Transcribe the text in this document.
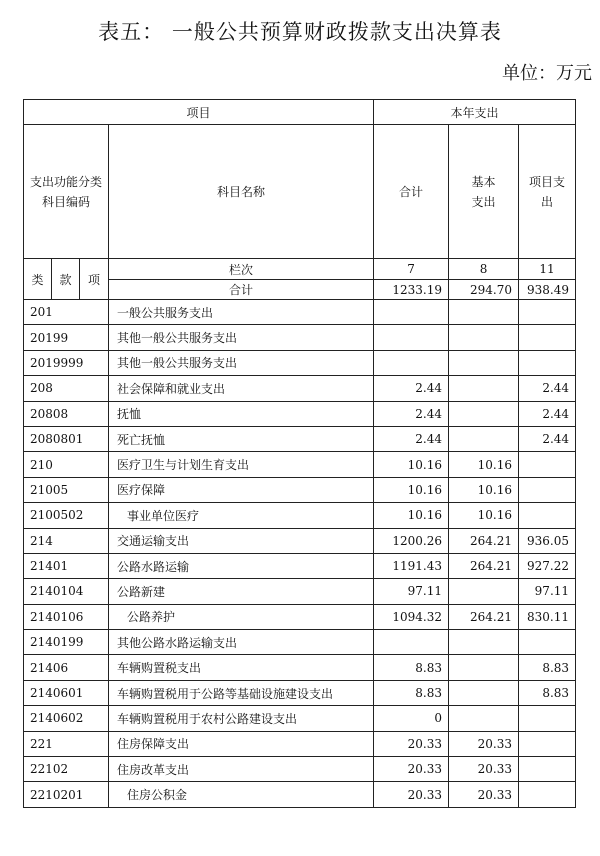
表五： 一般公共预算财政拨款支出决算表
单位：万元
项目				本年支出		
支出功能分类科目编码			科目名称	合计	基本支出	项目支出
类	款	项	栏次	7	8	11
			合计	1233.19	294.70	938.49
201			一般公共服务支出			
20199			其他一般公共服务支出			
2019999			其他一般公共服务支出			
208			社会保障和就业支出	2.44		2.44
20808			抚恤	2.44		2.44
2080801			死亡抚恤	2.44		2.44
210			医疗卫生与计划生育支出	10.16	10.16	
21005			医疗保障	10.16	10.16	
2100502			事业单位医疗	10.16	10.16	
214			交通运输支出	1200.26	264.21	936.05
21401			公路水路运输	1191.43	264.21	927.22
2140104			公路新建	97.11		97.11
2140106			公路养护	1094.32	264.21	830.11
2140199			其他公路水路运输支出			
21406			车辆购置税支出	8.83		8.83
2140601			车辆购置税用于公路等基础设施建设支出	8.83		8.83
2140602			车辆购置税用于农村公路建设支出	0		
221			住房保障支出	20.33	20.33	
22102			住房改革支出	20.33	20.33	
2210201			住房公积金	20.33	20.33	
